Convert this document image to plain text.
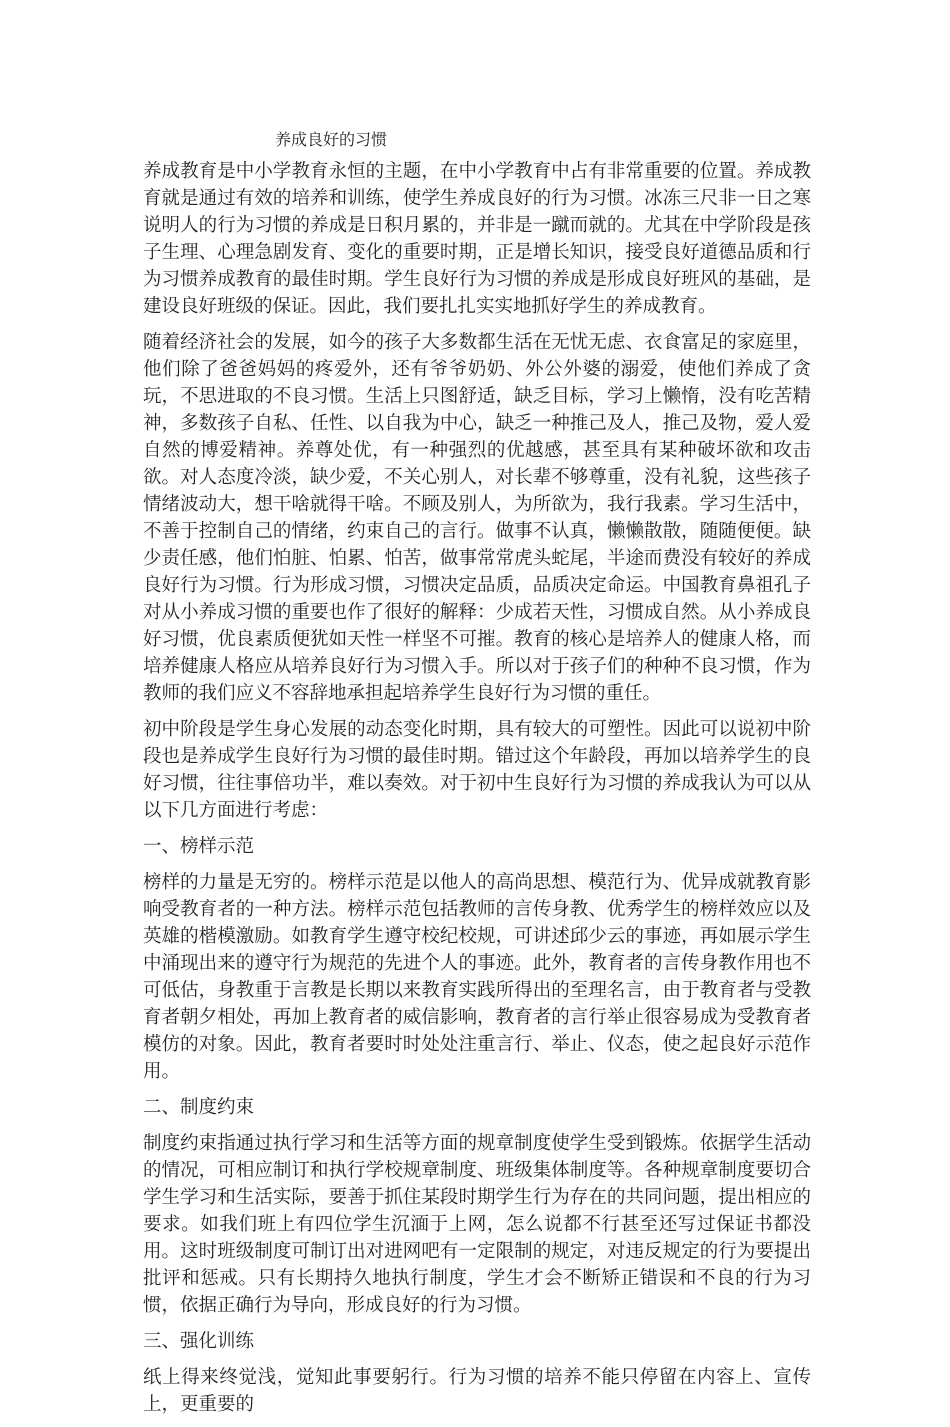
养成良好的习惯

养成教育是中小学教育永恒的主题，在中小学教育中占有非常重要的位置。养成教育就是通过有效的培养和训练，使学生养成良好的行为习惯。冰冻三尺非一日之寒说明人的行为习惯的养成是日积月累的，并非是一蹴而就的。尤其在中学阶段是孩子生理、心理急剧发育、变化的重要时期，正是增长知识，接受良好道德品质和行为习惯养成教育的最佳时期。学生良好行为习惯的养成是形成良好班风的基础，是建设良好班级的保证。因此，我们要扎扎实实地抓好学生的养成教育。

随着经济社会的发展，如今的孩子大多数都生活在无忧无虑、衣食富足的家庭里，他们除了爸爸妈妈的疼爱外，还有爷爷奶奶、外公外婆的溺爱，使他们养成了贪玩，不思进取的不良习惯。生活上只图舒适，缺乏目标，学习上懒惰，没有吃苦精神，多数孩子自私、任性、以自我为中心，缺乏一种推己及人，推己及物，爱人爱自然的博爱精神。养尊处优，有一种强烈的优越感，甚至具有某种破坏欲和攻击欲。对人态度冷淡，缺少爱，不关心别人，对长辈不够尊重，没有礼貌，这些孩子情绪波动大，想干啥就得干啥。不顾及别人，为所欲为，我行我素。学习生活中，不善于控制自己的情绪，约束自己的言行。做事不认真，懒懒散散，随随便便。缺少责任感，他们怕脏、怕累、怕苦，做事常常虎头蛇尾，半途而费没有较好的养成良好行为习惯。行为形成习惯，习惯决定品质，品质决定命运。中国教育鼻祖孔子对从小养成习惯的重要也作了很好的解释：少成若天性，习惯成自然。从小养成良好习惯，优良素质便犹如天性一样坚不可摧。教育的核心是培养人的健康人格，而培养健康人格应从培养良好行为习惯入手。所以对于孩子们的种种不良习惯，作为教师的我们应义不容辞地承担起培养学生良好行为习惯的重任。

初中阶段是学生身心发展的动态变化时期，具有较大的可塑性。因此可以说初中阶段也是养成学生良好行为习惯的最佳时期。错过这个年龄段，再加以培养学生的良好习惯，往往事倍功半，难以奏效。对于初中生良好行为习惯的养成我认为可以从以下几方面进行考虑：

一、榜样示范

榜样的力量是无穷的。榜样示范是以他人的高尚思想、模范行为、优异成就教育影响受教育者的一种方法。榜样示范包括教师的言传身教、优秀学生的榜样效应以及英雄的楷模激励。如教育学生遵守校纪校规，可讲述邱少云的事迹，再如展示学生中涌现出来的遵守行为规范的先进个人的事迹。此外，教育者的言传身教作用也不可低估，身教重于言教是长期以来教育实践所得出的至理名言，由于教育者与受教育者朝夕相处，再加上教育者的威信影响，教育者的言行举止很容易成为受教育者模仿的对象。因此，教育者要时时处处注重言行、举止、仪态，使之起良好示范作用。

二、制度约束

制度约束指通过执行学习和生活等方面的规章制度使学生受到锻炼。依据学生活动的情况，可相应制订和执行学校规章制度、班级集体制度等。各种规章制度要切合学生学习和生活实际，要善于抓住某段时期学生行为存在的共同问题，提出相应的要求。如我们班上有四位学生沉湎于上网，怎么说都不行甚至还写过保证书都没用。这时班级制度可制订出对进网吧有一定限制的规定，对违反规定的行为要提出批评和惩戒。只有长期持久地执行制度，学生才会不断矫正错误和不良的行为习惯，依据正确行为导向，形成良好的行为习惯。

三、强化训练

纸上得来终觉浅，觉知此事要躬行。行为习惯的培养不能只停留在内容上、宣传上，更重要的
